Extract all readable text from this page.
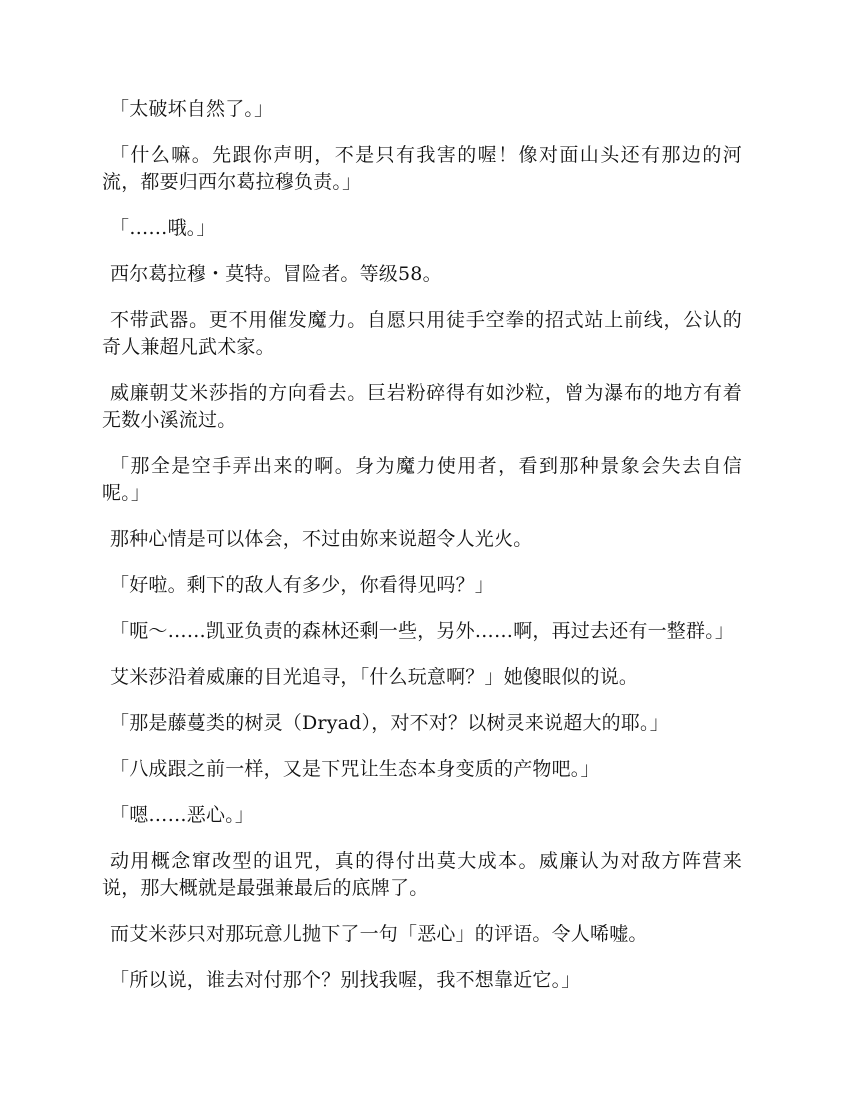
「太破坏自然了。」

「什么嘛。先跟你声明，不是只有我害的喔！像对面山头还有那边的河流，都要归西尔葛拉穆负责。」

「……哦。」

西尔葛拉穆・莫特。冒险者。等级58。

不带武器。更不用催发魔力。自愿只用徒手空拳的招式站上前线，公认的奇人兼超凡武术家。

威廉朝艾米莎指的方向看去。巨岩粉碎得有如沙粒，曾为瀑布的地方有着无数小溪流过。

「那全是空手弄出来的啊。身为魔力使用者，看到那种景象会失去自信呢。」

那种心情是可以体会，不过由妳来说超令人光火。

「好啦。剩下的敌人有多少，你看得见吗？」

「呃～……凯亚负责的森林还剩一些，另外……啊，再过去还有一整群。」

艾米莎沿着威廉的目光追寻，「什么玩意啊？」她傻眼似的说。

「那是藤蔓类的树灵（Dryad），对不对？以树灵来说超大的耶。」

「八成跟之前一样，又是下咒让生态本身变质的产物吧。」

「嗯……恶心。」

动用概念窜改型的诅咒，真的得付出莫大成本。威廉认为对敌方阵营来说，那大概就是最强兼最后的底牌了。

而艾米莎只对那玩意儿抛下了一句「恶心」的评语。令人唏嘘。

「所以说，谁去对付那个？别找我喔，我不想靠近它。」
